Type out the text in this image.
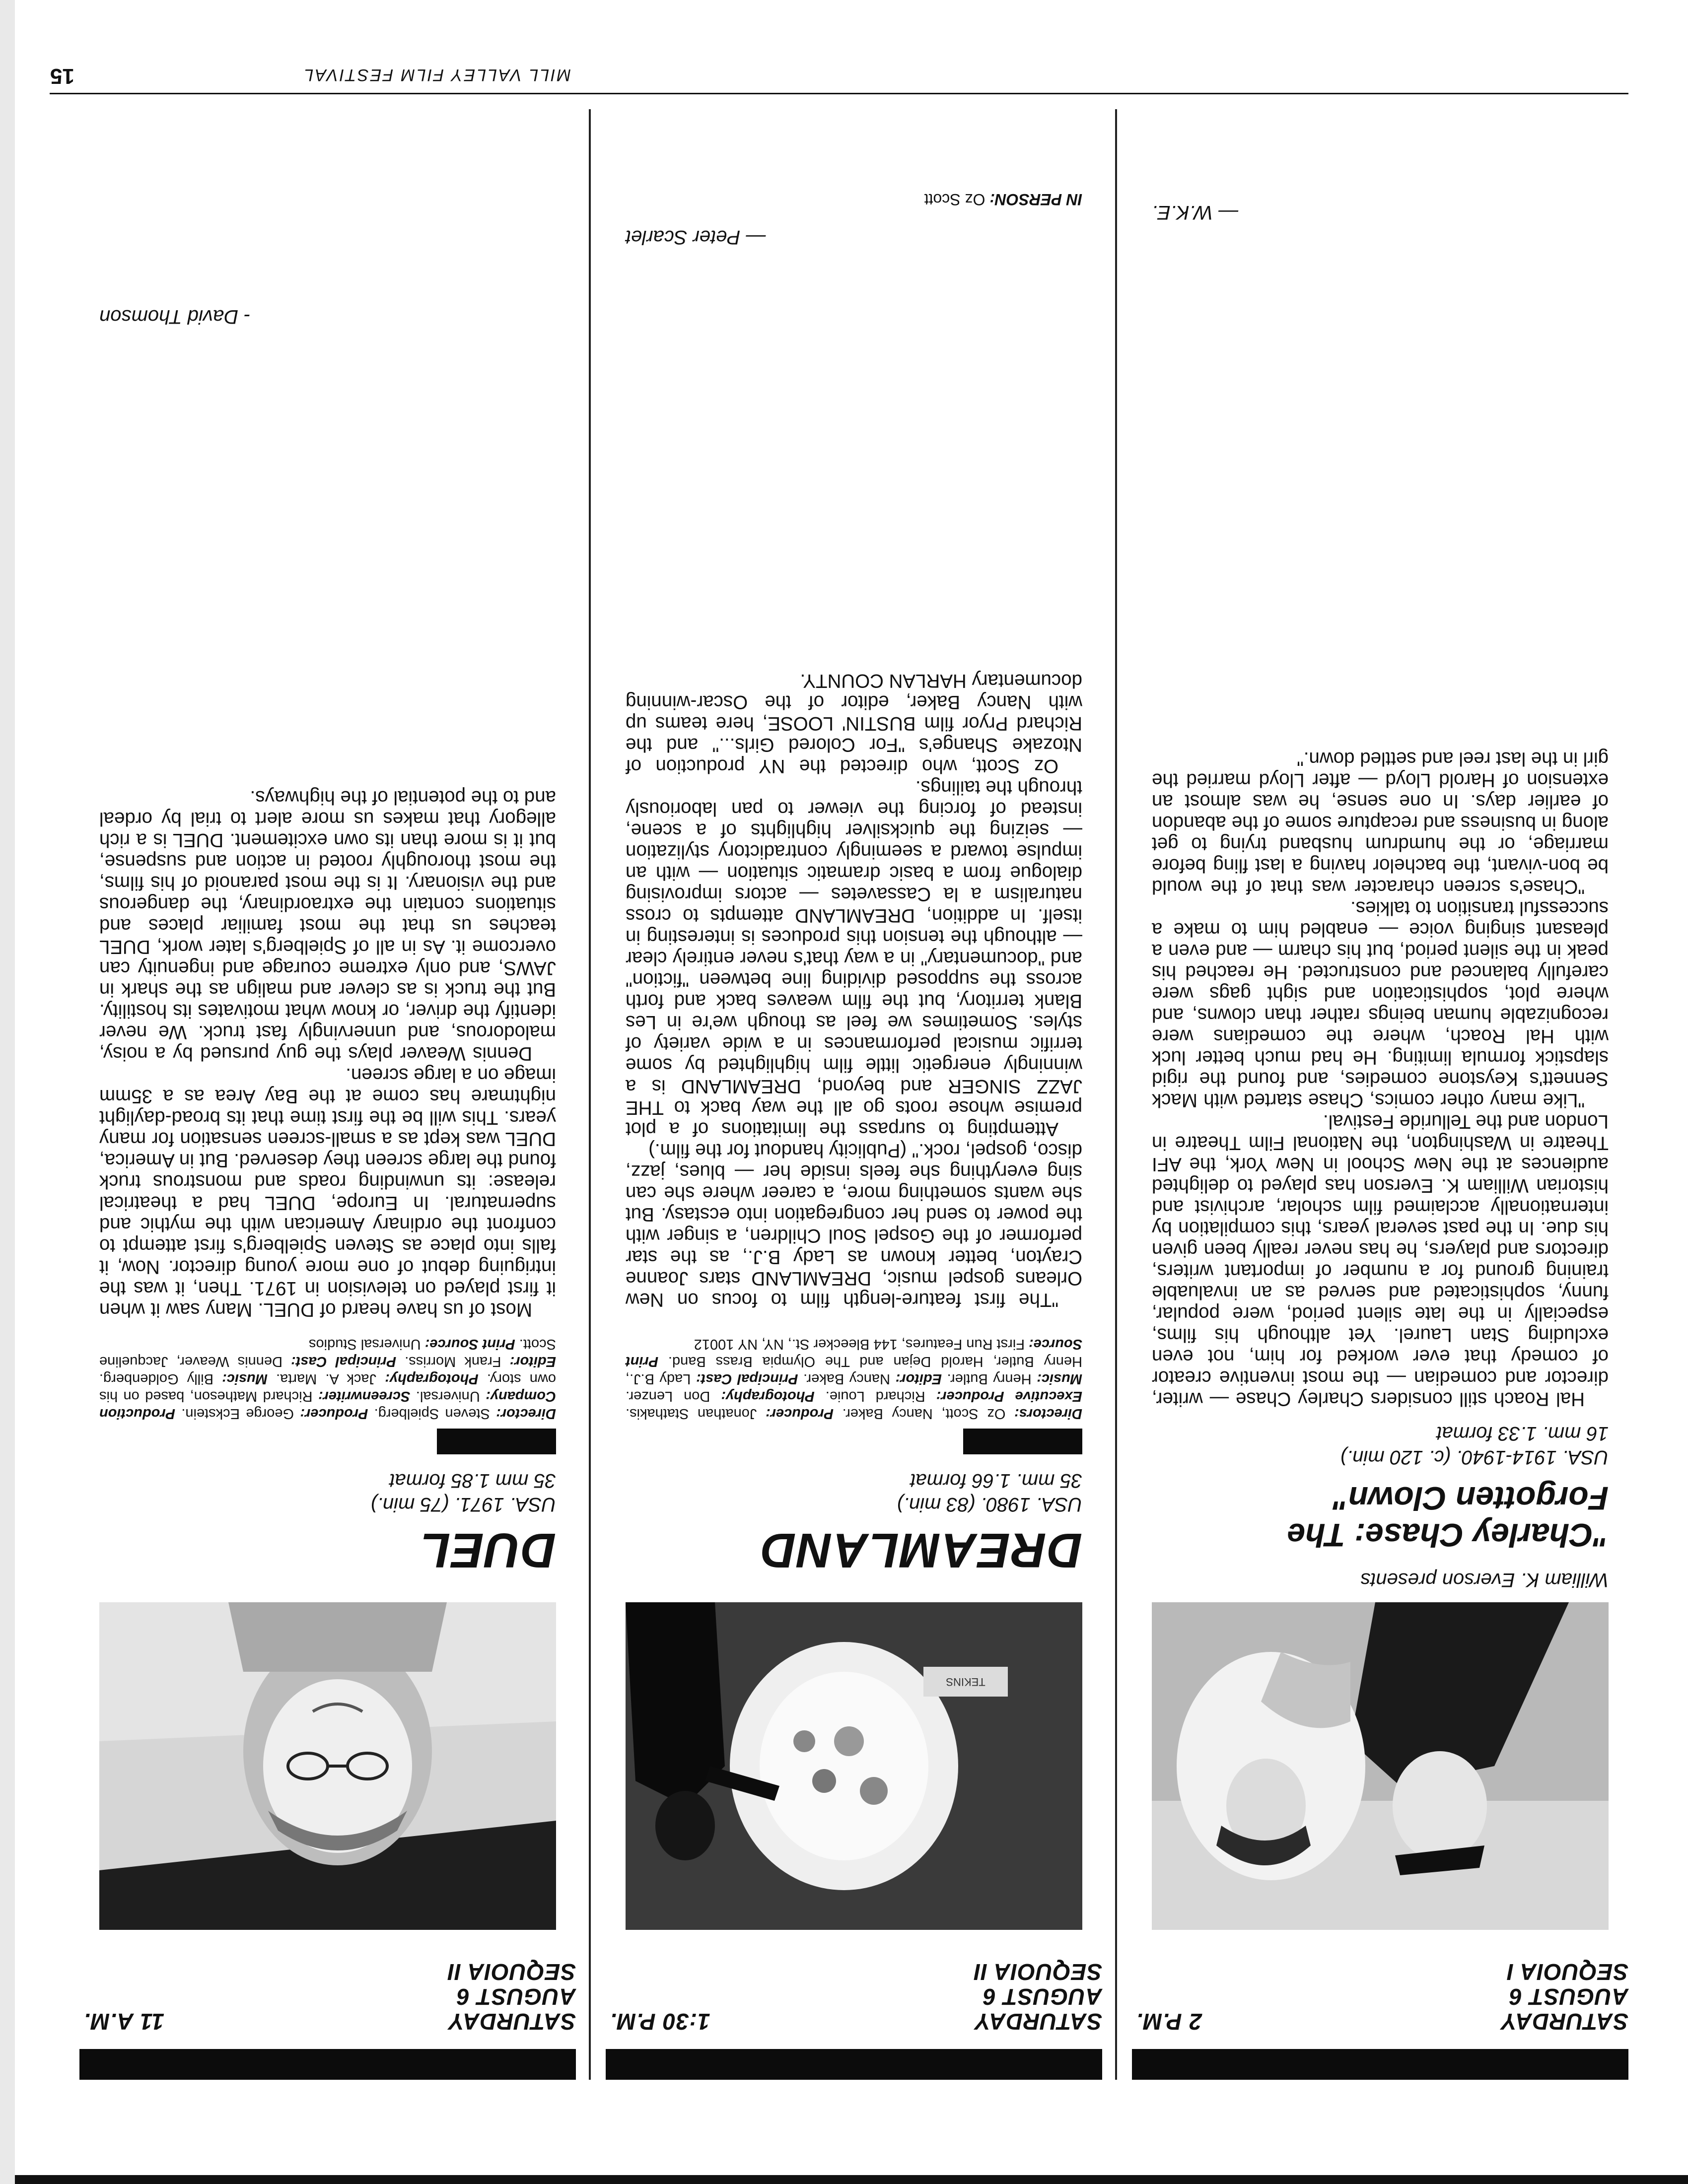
SATURDAY
AUGUST 6
SEQUOIA I
2 P.M.
William K. Everson presents
"Charley Chase: The Forgotten Clown"
USA. 1914-1940. (c. 120 min.)
16 mm. 1.33 format

Hal Roach still considers Charley Chase — writer, director and comedian — the most inventive creator of comedy that ever worked for him, not even excluding Stan Laurel. Yet although his films, especially in the late silent period, were popular, funny, sophisticated and served as an invaluable training ground for a number of important writers, directors and players, he has never really been given his due. In the past several years, this compilation by internationally acclaimed film scholar, archivist and historian William K. Everson has played to delighted audiences at the New School in New York, the AFI Theatre in Washington, the National Film Theatre in London and the Telluride Festival.

"Like many other comics, Chase started with Mack Sennett's Keystone comedies, and found the rigid slapstick formula limiting. He had much better luck with Hal Roach, where the comedians were recognizable human beings rather than clowns, and where plot, sophistication and sight gags were carefully balanced and constructed. He reached his peak in the silent period, but his charm — and even a pleasant singing voice — enabled him to make a successful transition to talkies.

"Chase's screen character was that of the would be bon-vivant, the bachelor having a last fling before marriage, or the humdrum husband trying to get along in business and recapture some of the abandon of earlier days. In one sense, he was almost an extension of Harold Lloyd — after Lloyd married the girl in the last reel and settled down."

— W.K.E.
SATURDAY
AUGUST 6
SEQUOIA II
1:30 P.M.
TEKINS
DREAMLAND
USA. 1980. (83 min.)
35 mm. 1.66 format
Directors: Oz Scott, Nancy Baker. Producer: Jonathan Stathakis. Executive Producer: Richard Louie. Photography: Don Lenzer. Music: Henry Butler. Editor: Nancy Baker. Principal Cast: Lady B.J., Henry Butler, Harold Dejan and The Olympia Brass Band. Print Source: First Run Features, 144 Bleecker St., NY, NY 10012

"The first feature-length film to focus on New Orleans gospel music, DREAMLAND stars Joanne Crayton, better known as Lady B.J., as the star performer of the Gospel Soul Children, a singer with the power to send her congregation into ecstasy. But she wants something more, a career where she can sing everything she feels inside her — blues, jazz, disco, gospel, rock." (Publicity handout for the film.)

Attempting to surpass the limitations of a plot premise whose roots go all the way back to THE JAZZ SINGER and beyond, DREAMLAND is a winningly energetic little film highlighted by some terrific musical performances in a wide variety of styles. Sometimes we feel as though we're in Les Blank territory, but the film weaves back and forth across the supposed dividing line between "fiction" and "documentary" in a way that's never entirely clear — although the tension this produces is interesting in itself. In addition, DREAMLAND attempts to cross naturalism a la Cassavetes — actors improvising dialogue from a basic dramatic situation — with an impulse toward a seemingly contradictory stylization — seizing the quicksilver highlights of a scene, instead of forcing the viewer to pan laboriously through the tailings.

Oz Scott, who directed the NY production of Ntozake Shange's "For Colored Girls..." and the Richard Pryor film BUSTIN' LOOSE, here teams up with Nancy Baker, editor of the Oscar-winning documentary HARLAN COUNTY.

— Peter Scarlet
IN PERSON: Oz Scott
SATURDAY
AUGUST 6
SEQUOIA II
11 A.M.
DUEL
USA. 1971. (75 min.)
35 mm 1.85 format
Director: Steven Spielberg. Producer: George Eckstein. Production Company: Universal. Screenwriter: Richard Matheson, based on his own story. Photography: Jack A. Marta. Music: Billy Goldenberg. Editor: Frank Morriss. Principal Cast: Dennis Weaver, Jacqueline Scott. Print Source: Universal Studios

Most of us have heard of DUEL. Many saw it when it first played on television in 1971. Then, it was the intriguing debut of one more young director. Now, it falls into place as Steven Spielberg's first attempt to confront the ordinary American with the mythic and supernatural. In Europe, DUEL had a theatrical release: its unwinding roads and monstrous truck found the large screen they deserved. But in America, DUEL was kept as a small-screen sensation for many years. This will be the first time that its broad-daylight nightmare has come at the Bay Area as a 35mm image on a large screen.

Dennis Weaver plays the guy pursued by a noisy, malodorous, and unnervingly fast truck. We never identify the driver, or know what motivates its hostility. But the truck is as clever and malign as the shark in JAWS, and only extreme courage and ingenuity can overcome it. As in all of Spielberg's later work, DUEL teaches us that the most familiar places and situations contain the extraordinary, the dangerous and the visionary. It is the most paranoid of his films, the most thoroughly rooted in action and suspense, but it is more than its own excitement. DUEL is a rich allegory that makes us more alert to trial by ordeal and to the potential of the highways.

- David Thomson
MILL VALLEY FILM FESTIVAL
15
